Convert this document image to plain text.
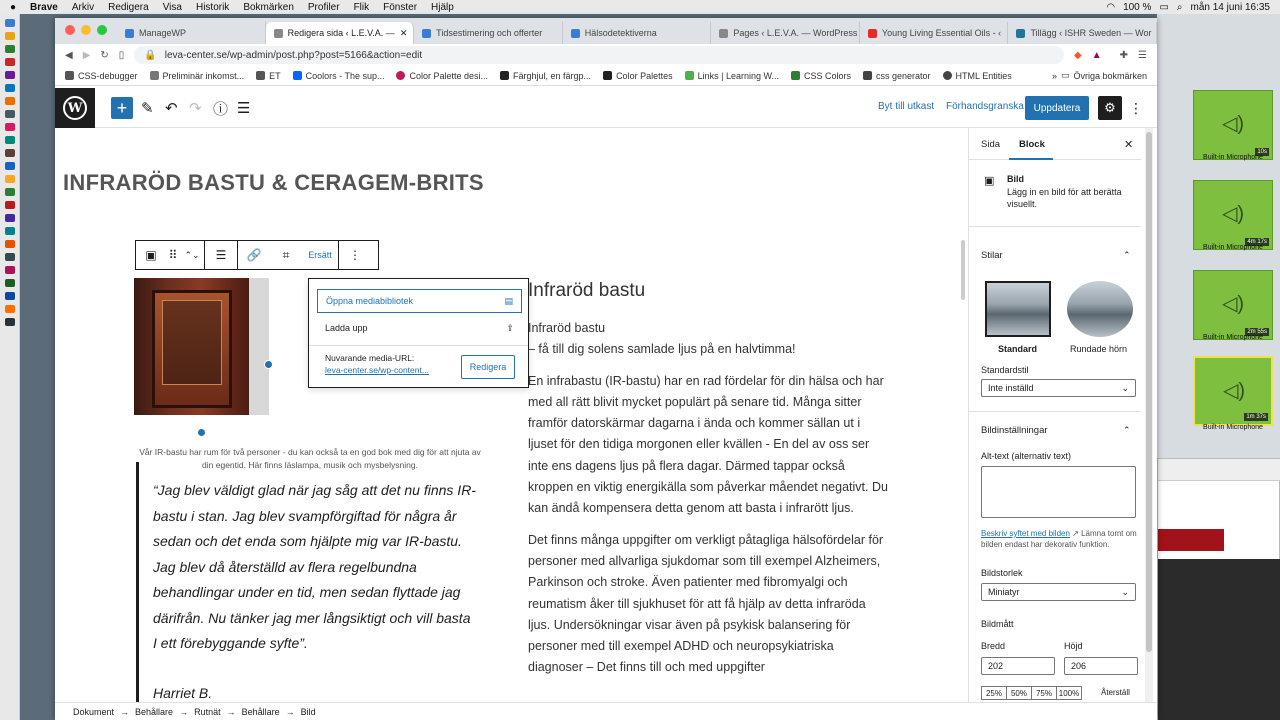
● Brave Arkiv Redigera Visa Historik Bokmärken Profiler Flik Fönster Hjälp	◠ 100 % ▭ ⌕ mån 14 juni 16:35
◁)
10s
Built-in Microphone
◁)
4m 17s
Built-in Microphone
◁)
2m 55s
Built-in Microphone
◁)
1m 37s
Built-in Microphone
ManageWP	Redigera sida ‹ L.E.V.A. — ✕	Tidsestimering och offerter	Hälsodetektiverna	Pages ‹ L.E.V.A. — WordPress	Young Living Essential Oils - ‹	Tillägg ‹ ISHR Sweden — Wor
◀ ▶ ↻ ▯ 🔒 leva-center.se/wp-admin/post.php?post=5166&action=edit	◆ ▲ ✚ ☰
CSS-debugger	Preliminär inkomst...	ET	Coolors - The sup...	Color Palette desi...	Färghjul, en färgp...	Color Palettes	Links | Learning W...	CSS Colors	css generator	HTML Entities	» ▭ Övriga bokmärken
W	+ ✎ ↶ ↷ ⓘ ☰	Byt till utkast Förhandsgranska Uppdatera	⚙ ⋮
INFRARÖD BASTU & CERAGEM-BRITS
▣ ⠿ ⌃⌄	☰	🔗	⌗	Ersätt	⋮
Vår IR-bastu har rum för två personer - du kan också ta en god bok med dig för att njuta av din egentid. Här finns läslampa, musik och mysbelysning.

“Jag blev väldigt glad när jag såg att det nu finns IR-bastu i stan. Jag blev svampförgiftad för några år sedan och det enda som hjälpte mig var IR-bastu. Jag blev då återställd av flera regelbundna behandlingar under en tid, men sedan flyttade jag därifrån. Nu tänker jag mer långsiktigt och vill basta I ett förebyggande syfte”.

Harriet B.

Öppna mediabibliotek	▤
Ladda upp	⇪
Nuvarande media-URL:
leva-center.se/wp-content...	Redigera
Infraröd bastu

Infraröd bastu
– få till dig solens samlade ljus på en halvtimma!

En infrabastu (IR-bastu) har en rad fördelar för din hälsa och har med all rätt blivit mycket populärt på senare tid. Många sitter framför datorskärmar dagarna i ända och kommer sällan ut i ljuset för den tidiga morgonen eller kvällen - En del av oss ser inte ens dagens ljus på flera dagar. Därmed tappar också kroppen en viktig energikälla som påverkar måendet negativt. Du kan ändå kompensera detta genom att basta i infrarött ljus.

Det finns många uppgifter om verkligt påtagliga hälsofördelar för personer med allvarliga sjukdomar som till exempel Alzheimers, Parkinson och stroke. Även patienter med fibromyalgi och reumatism åker till sjukhuset för att få hjälp av detta infraröda ljus. Undersökningar visar även på psykisk balansering för personer med till exempel ADHD och neuropsykiatriska diagnoser – Det finns till och med uppgifter

Sida Block	✕
▣ Bild
Lägg in en bild för att berätta visuellt.
Stilar	⌃
Standard	Rundade hörn
Standardstil
Inte inställd	⌄
Bildinställningar	⌃
Alt-text (alternativ text)
Beskriv syftet med bilden ↗ Lämna tomt om bilden endast har dekorativ funktion.
Bildstorlek
Miniatyr	⌄
Bildmått
Bredd	Höjd
202	206
25%	50%	75% 100%	Återställ
Dokument → Behållare → Rutnät → Behållare → Bild
